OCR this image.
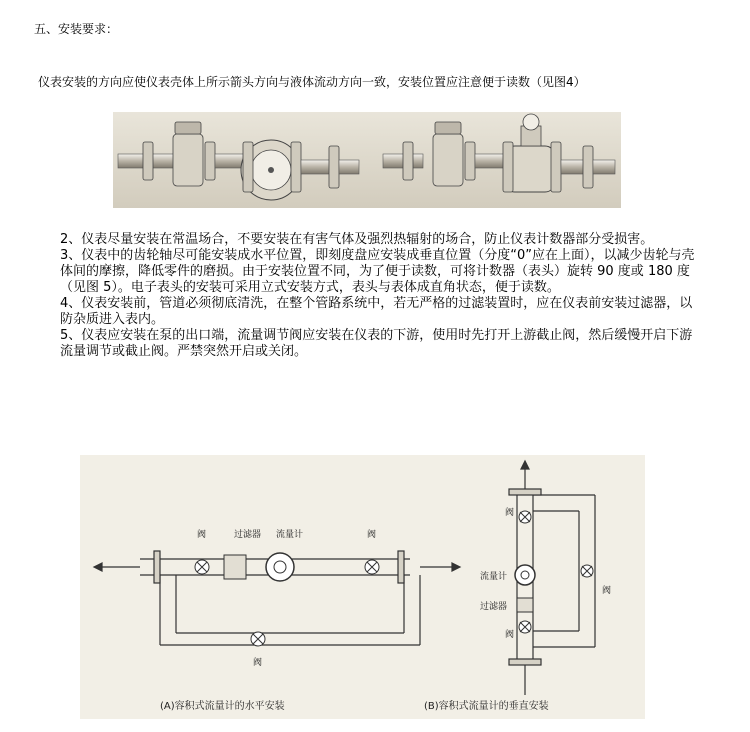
五、安装要求：
仪表安装的方向应使仪表壳体上所示箭头方向与液体流动方向一致，安装位置应注意便于读数（见图4）

2、仪表尽量安装在常温场合，不要安装在有害气体及强烈热辐射的场合，防止仪表计数器部分受损害。

3、仪表中的齿轮轴尽可能安装成水平位置，即刻度盘应安装成垂直位置（分度“0”应在上面），以减少齿轮与壳体间的摩擦，降低零件的磨损。由于安装位置不同，为了便于读数，可将计数器（表头）旋转 90 度或 180 度（见图 5）。电子表头的安装可采用立式安装方式，表头与表体成直角状态，便于读数。

4、仪表安装前，管道必须彻底清洗，在整个管路系统中，若无严格的过滤装置时，应在仪表前安装过滤器，以防杂质进入表内。

5、仪表应安装在泵的出口端，流量调节阀应安装在仪表的下游，使用时先打开上游截止阀，然后缓慢开启下游流量调节或截止阀。严禁突然开启或关闭。

阀	过滤器 流量计	阀
阀
阀
流量计
过滤器
阀
阀
(A)容积式流量计的水平安装	(B)容积式流量计的垂直安装
